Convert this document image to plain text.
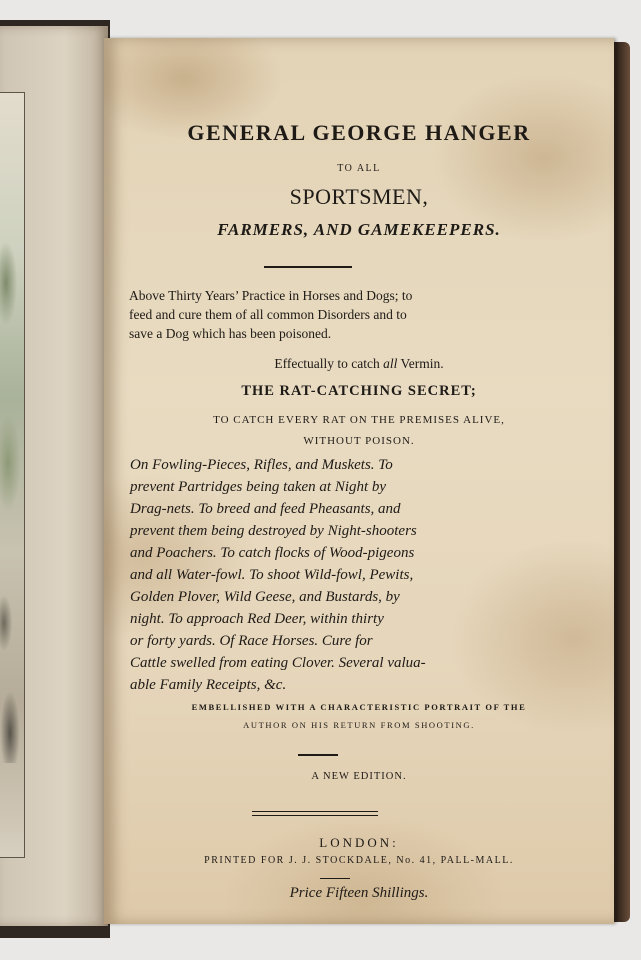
GENERAL GEORGE HANGER
TO ALL
SPORTSMEN,
FARMERS, AND GAMEKEEPERS.
Above Thirty Years’ Practice in Horses and Dogs; to
feed and cure them of all common Disorders and to
save a Dog which has been poisoned.
Effectually to catch all Vermin.
THE RAT-CATCHING SECRET;
TO CATCH EVERY RAT ON THE PREMISES ALIVE,
WITHOUT POISON.
On Fowling-Pieces, Rifles, and Muskets. To
prevent Partridges being taken at Night by
Drag-nets. To breed and feed Pheasants, and
prevent them being destroyed by Night-shooters
and Poachers. To catch flocks of Wood-pigeons
and all Water-fowl. To shoot Wild-fowl, Pewits,
Golden Plover, Wild Geese, and Bustards, by
night. To approach Red Deer, within thirty
or forty yards. Of Race Horses. Cure for
Cattle swelled from eating Clover. Several valua-
able Family Receipts, &c.
EMBELLISHED WITH A CHARACTERISTIC PORTRAIT OF THE
AUTHOR ON HIS RETURN FROM SHOOTING.
A NEW EDITION.
LONDON:
PRINTED FOR J. J. STOCKDALE, No. 41, PALL-MALL.
Price Fifteen Shillings.
